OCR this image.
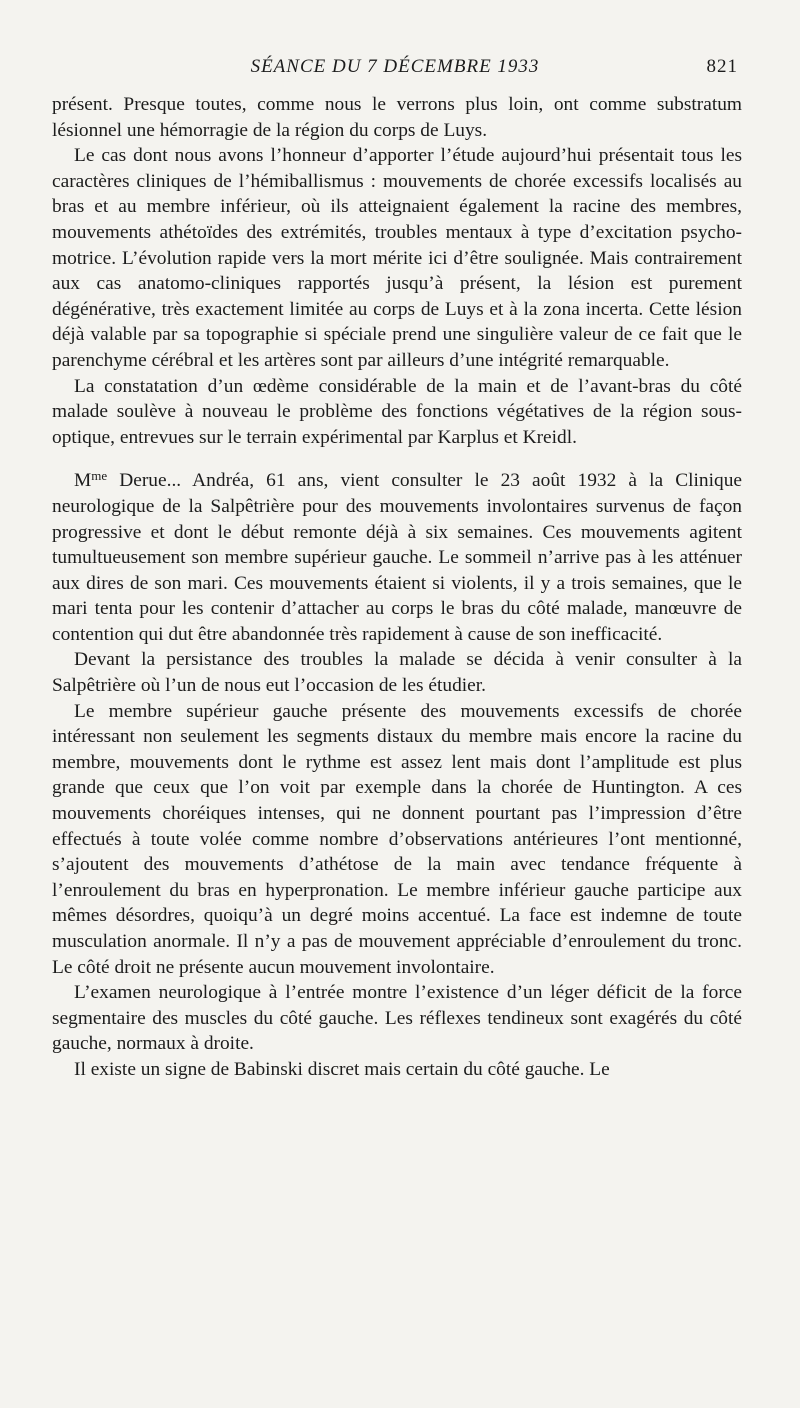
SÉANCE DU 7 DÉCEMBRE 1933	821

présent. Presque toutes, comme nous le verrons plus loin, ont comme substratum lésionnel une hémorragie de la région du corps de Luys.

Le cas dont nous avons l’honneur d’apporter l’étude aujourd’hui présentait tous les caractères cliniques de l’hémiballismus : mouvements de chorée excessifs localisés au bras et au membre inférieur, où ils atteignaient également la racine des membres, mouvements athétoïdes des extrémités, troubles mentaux à type d’excitation psycho-motrice. L’évolution rapide vers la mort mérite ici d’être soulignée. Mais contrairement aux cas anatomo-cliniques rapportés jusqu’à présent, la lésion est purement dégénérative, très exactement limitée au corps de Luys et à la zona incerta. Cette lésion déjà valable par sa topographie si spéciale prend une singulière valeur de ce fait que le parenchyme cérébral et les artères sont par ailleurs d’une intégrité remarquable.

La constatation d’un œdème considérable de la main et de l’avant-bras du côté malade soulève à nouveau le problème des fonctions végétatives de la région sous-optique, entrevues sur le terrain expérimental par Karplus et Kreidl.

$M^{me}$ Derue... Andréa, 61 ans, vient consulter le 23 août 1932 à la Clinique neurologique de la Salpêtrière pour des mouvements involontaires survenus de façon progressive et dont le début remonte déjà à six semaines. Ces mouvements agitent tumultueusement son membre supérieur gauche. Le sommeil n’arrive pas à les atténuer aux dires de son mari. Ces mouvements étaient si violents, il y a trois semaines, que le mari tenta pour les contenir d’attacher au corps le bras du côté malade, manœuvre de contention qui dut être abandonnée très rapidement à cause de son inefficacité.

Devant la persistance des troubles la malade se décida à venir consulter à la Salpêtrière où l’un de nous eut l’occasion de les étudier.

Le membre supérieur gauche présente des mouvements excessifs de chorée intéressant non seulement les segments distaux du membre mais encore la racine du membre, mouvements dont le rythme est assez lent mais dont l’amplitude est plus grande que ceux que l’on voit par exemple dans la chorée de Huntington. A ces mouvements choréiques intenses, qui ne donnent pourtant pas l’impression d’être effectués à toute volée comme nombre d’observations antérieures l’ont mentionné, s’ajoutent des mouvements d’athétose de la main avec tendance fréquente à l’enroulement du bras en hyperpronation. Le membre inférieur gauche participe aux mêmes désordres, quoiqu’à un degré moins accentué. La face est indemne de toute musculation anormale. Il n’y a pas de mouvement appréciable d’enroulement du tronc. Le côté droit ne présente aucun mouvement involontaire.

L’examen neurologique à l’entrée montre l’existence d’un léger déficit de la force segmentaire des muscles du côté gauche. Les réflexes tendineux sont exagérés du côté gauche, normaux à droite.

Il existe un signe de Babinski discret mais certain du côté gauche. Le
